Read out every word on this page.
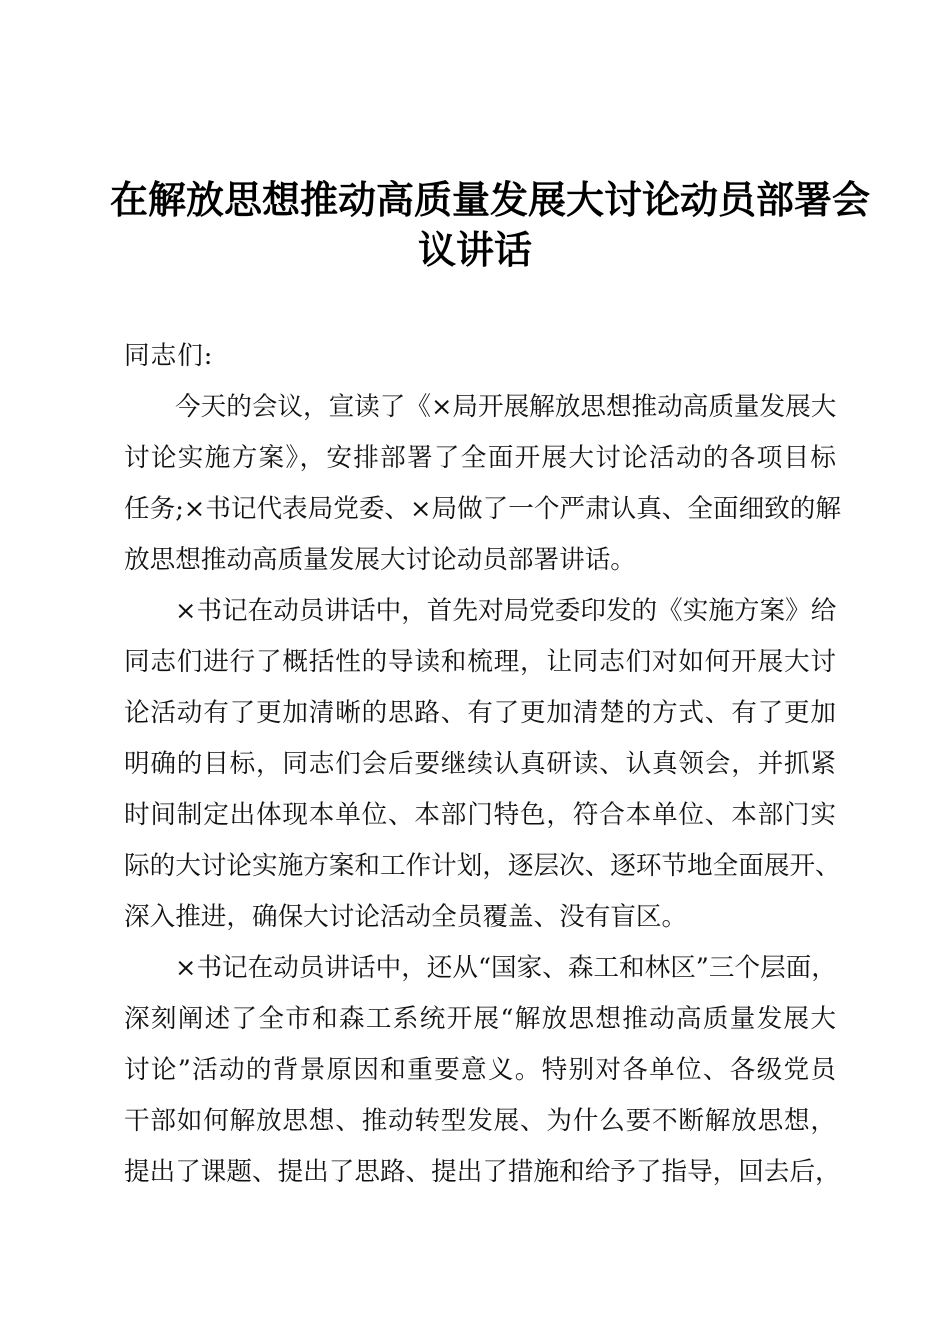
在解放思想推动高质量发展大讨论动员部署会
议讲话
同志们:
今天的会议，宣读了《×局开展解放思想推动高质量发展大
讨论实施方案》，安排部署了全面开展大讨论活动的各项目标
任务;×书记代表局党委、×局做了一个严肃认真、全面细致的解
放思想推动高质量发展大讨论动员部署讲话。
×书记在动员讲话中，首先对局党委印发的《实施方案》给
同志们进行了概括性的导读和梳理，让同志们对如何开展大讨
论活动有了更加清晰的思路、有了更加清楚的方式、有了更加
明确的目标，同志们会后要继续认真研读、认真领会，并抓紧
时间制定出体现本单位、本部门特色，符合本单位、本部门实
际的大讨论实施方案和工作计划，逐层次、逐环节地全面展开、
深入推进，确保大讨论活动全员覆盖、没有盲区。
×书记在动员讲话中，还从“国家、森工和林区”三个层面，
深刻阐述了全市和森工系统开展“解放思想推动高质量发展大
讨论”活动的背景原因和重要意义。特别对各单位、各级党员
干部如何解放思想、推动转型发展、为什么要不断解放思想，
提出了课题、提出了思路、提出了措施和给予了指导，回去后，
